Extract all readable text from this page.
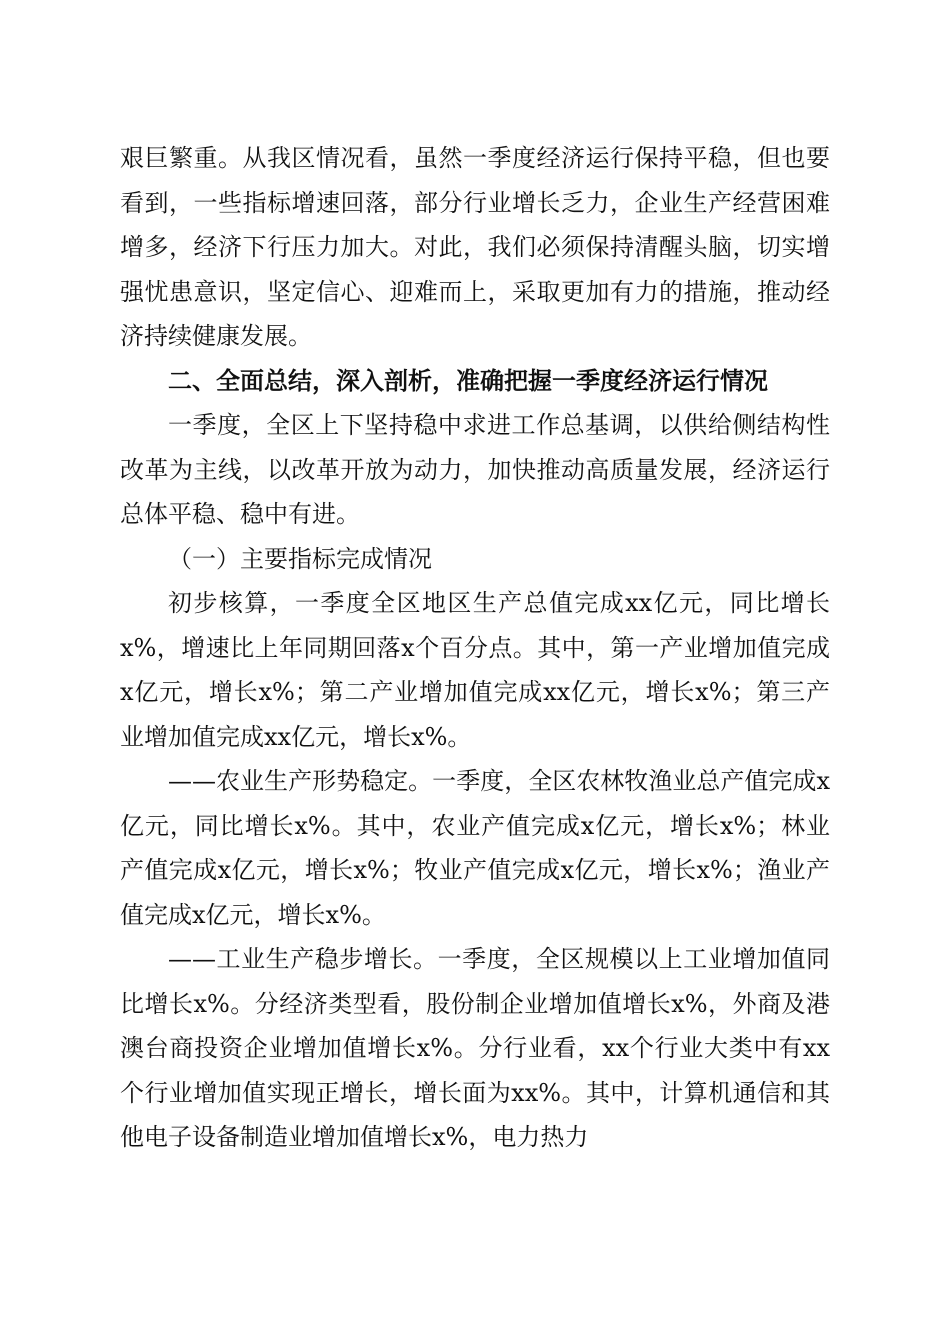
艰巨繁重。从我区情况看，虽然一季度经济运行保持平稳，但也要看到，一些指标增速回落，部分行业增长乏力，企业生产经营困难增多，经济下行压力加大。对此，我们必须保持清醒头脑，切实增强忧患意识，坚定信心、迎难而上，采取更加有力的措施，推动经济持续健康发展。

二、全面总结，深入剖析，准确把握一季度经济运行情况

一季度，全区上下坚持稳中求进工作总基调，以供给侧结构性改革为主线，以改革开放为动力，加快推动高质量发展，经济运行总体平稳、稳中有进。

（一）主要指标完成情况

初步核算，一季度全区地区生产总值完成xx亿元，同比增长x%，增速比上年同期回落x个百分点。其中，第一产业增加值完成x亿元，增长x%；第二产业增加值完成xx亿元，增长x%；第三产业增加值完成xx亿元，增长x%。

——农业生产形势稳定。一季度，全区农林牧渔业总产值完成x亿元，同比增长x%。其中，农业产值完成x亿元，增长x%；林业产值完成x亿元，增长x%；牧业产值完成x亿元，增长x%；渔业产值完成x亿元，增长x%。

——工业生产稳步增长。一季度，全区规模以上工业增加值同比增长x%。分经济类型看，股份制企业增加值增长x%，外商及港澳台商投资企业增加值增长x%。分行业看，xx个行业大类中有xx个行业增加值实现正增长，增长面为xx%。其中，计算机通信和其他电子设备制造业增加值增长x%，电力热力
